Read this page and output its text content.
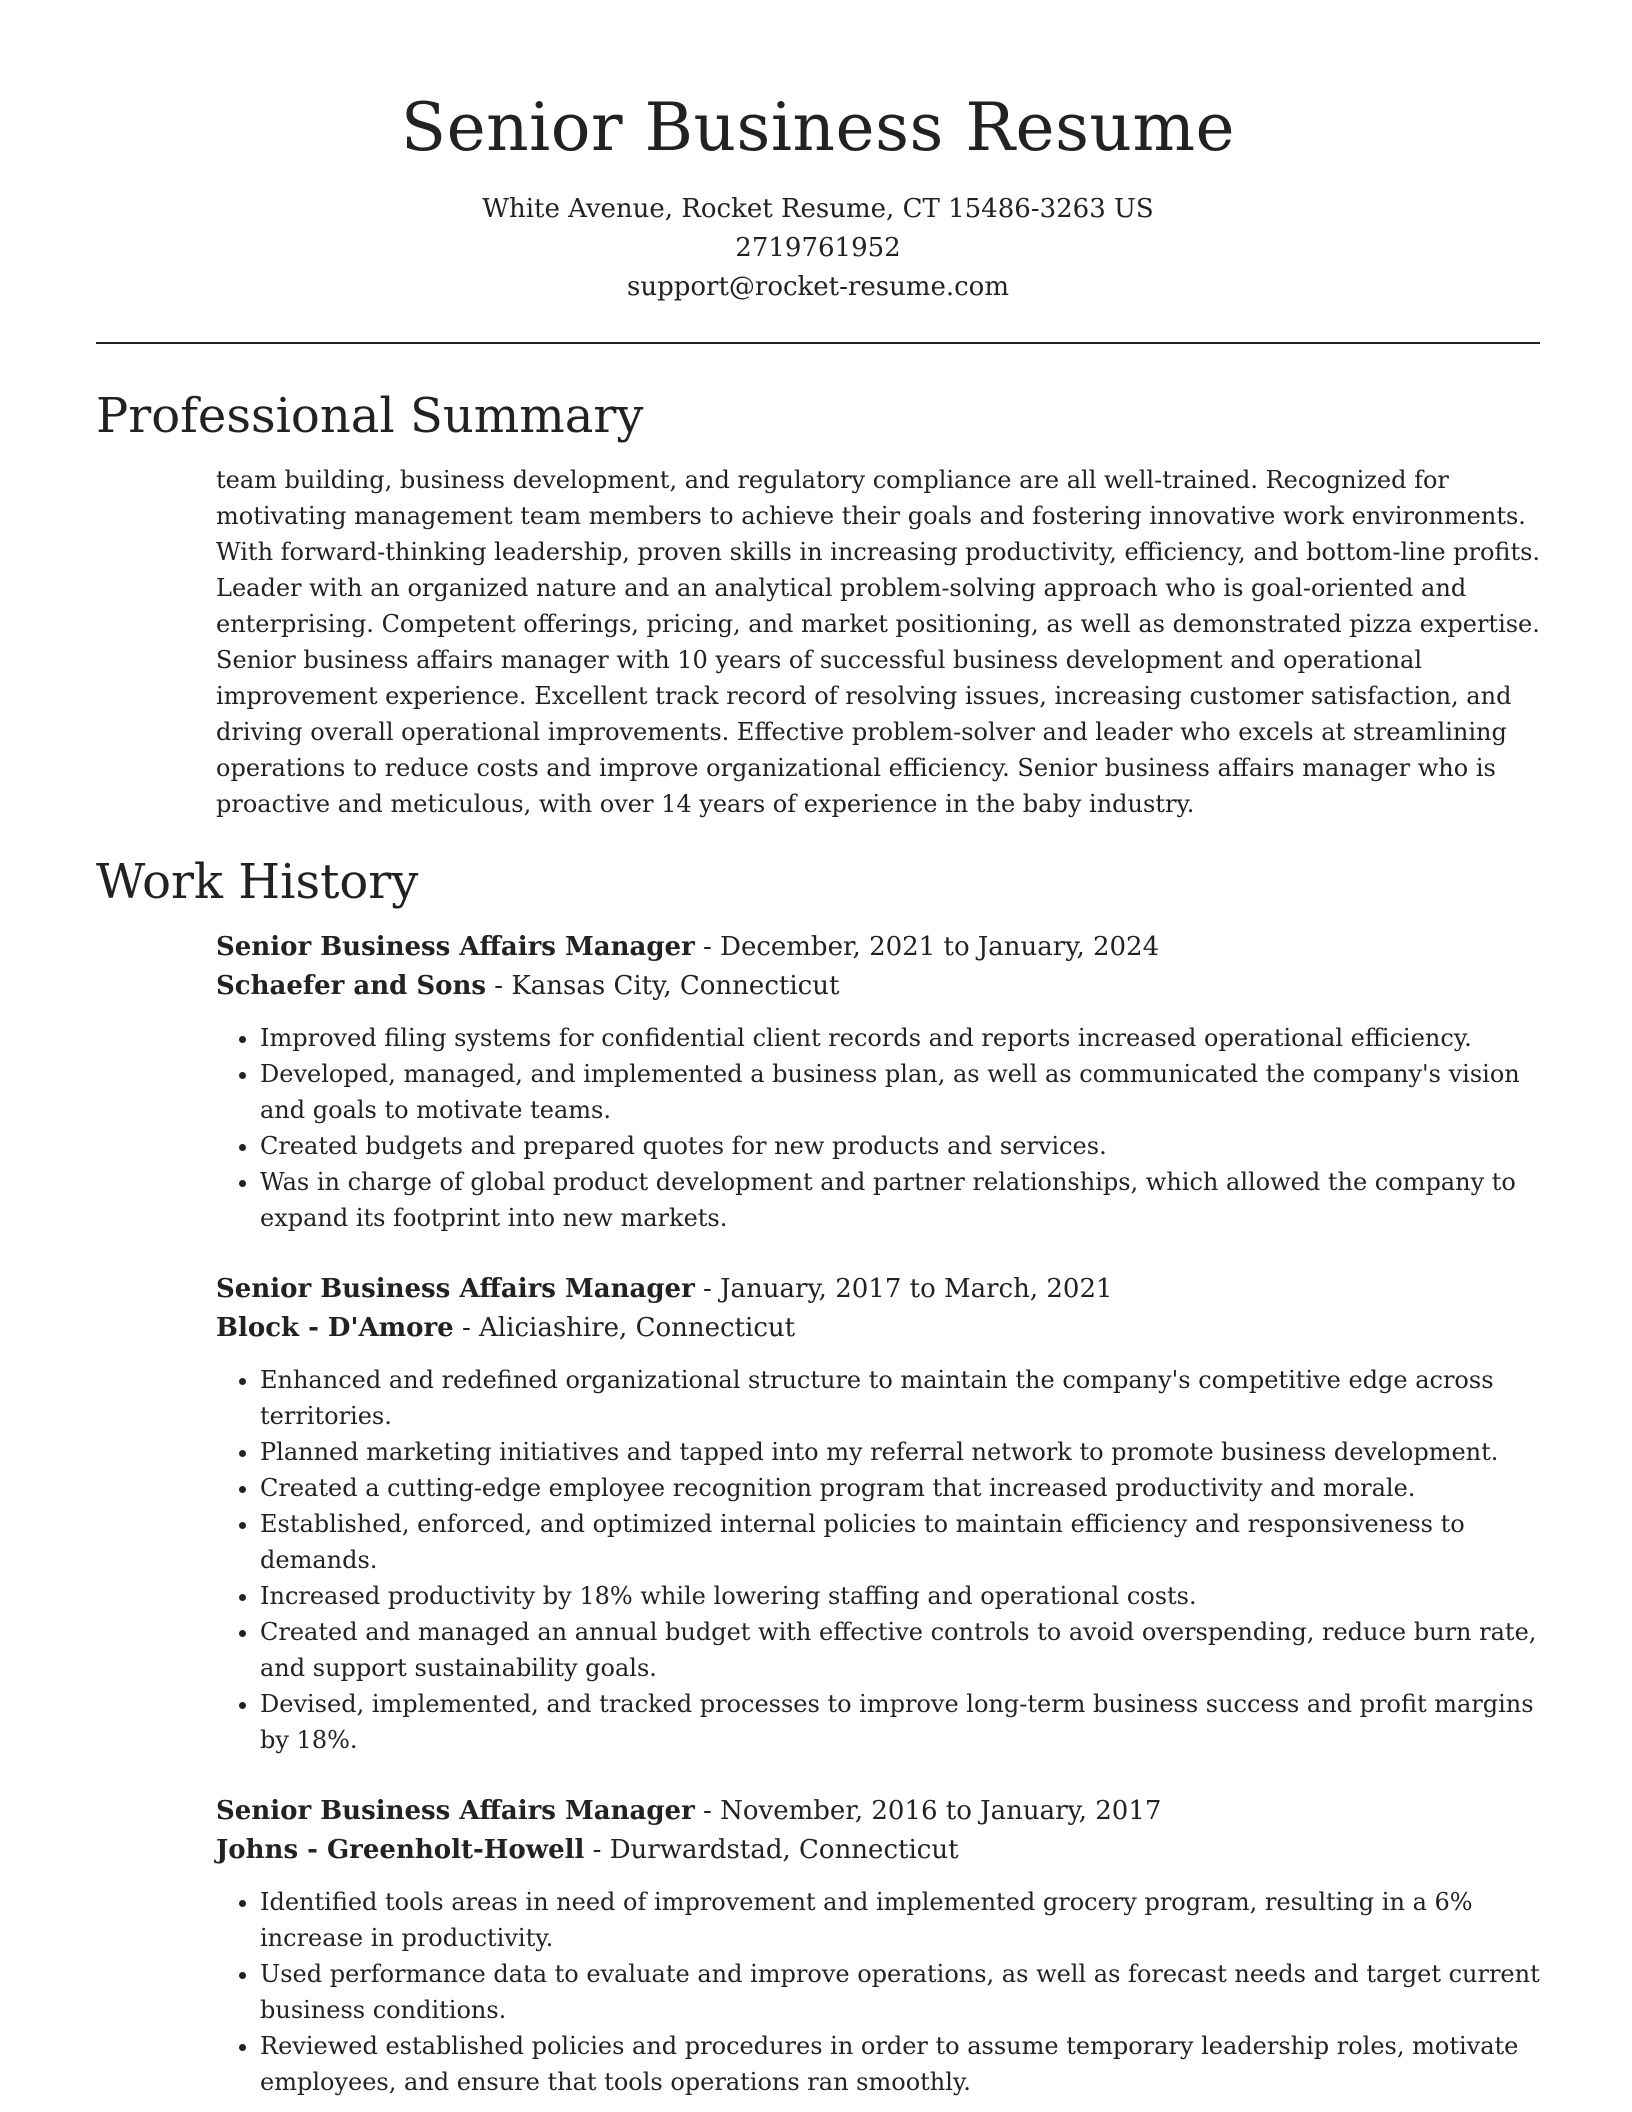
Senior Business Resume
White Avenue, Rocket Resume, CT 15486-3263 US
2719761952
support@rocket-resume.com
Professional Summary

team building, business development, and regulatory compliance are all well-trained. Recognized for motivating management team members to achieve their goals and fostering innovative work environments. With forward-thinking leadership, proven skills in increasing productivity, efficiency, and bottom-line profits. Leader with an organized nature and an analytical problem-solving approach who is goal-oriented and enterprising. Competent offerings, pricing, and market positioning, as well as demonstrated pizza expertise. Senior business affairs manager with 10 years of successful business development and operational improvement experience. Excellent track record of resolving issues, increasing customer satisfaction, and driving overall operational improvements. Effective problem-solver and leader who excels at streamlining operations to reduce costs and improve organizational efficiency. Senior business affairs manager who is proactive and meticulous, with over 14 years of experience in the baby industry.

Work History
Senior Business Affairs Manager - December, 2021 to January, 2024
Schaefer and Sons - Kansas City, Connecticut
• Improved filing systems for confidential client records and reports increased operational efficiency.
• Developed, managed, and implemented a business plan, as well as communicated the company's vision and goals to motivate teams.
• Created budgets and prepared quotes for new products and services.
• Was in charge of global product development and partner relationships, which allowed the company to expand its footprint into new markets.
Senior Business Affairs Manager - January, 2017 to March, 2021
Block - D'Amore - Aliciashire, Connecticut
• Enhanced and redefined organizational structure to maintain the company's competitive edge across territories.
• Planned marketing initiatives and tapped into my referral network to promote business development.
• Created a cutting-edge employee recognition program that increased productivity and morale.
• Established, enforced, and optimized internal policies to maintain efficiency and responsiveness to demands.
• Increased productivity by 18% while lowering staffing and operational costs.
• Created and managed an annual budget with effective controls to avoid overspending, reduce burn rate, and support sustainability goals.
• Devised, implemented, and tracked processes to improve long-term business success and profit margins by 18%.
Senior Business Affairs Manager - November, 2016 to January, 2017
Johns - Greenholt-Howell - Durwardstad, Connecticut
• Identified tools areas in need of improvement and implemented grocery program, resulting in a 6% increase in productivity.
• Used performance data to evaluate and improve operations, as well as forecast needs and target current business conditions.
• Reviewed established policies and procedures in order to assume temporary leadership roles, motivate employees, and ensure that tools operations ran smoothly.
